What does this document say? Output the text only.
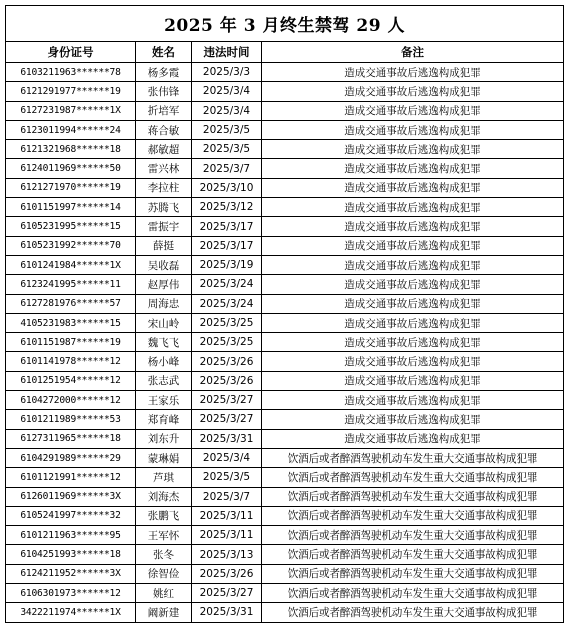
2025 年 3 月终生禁驾 29 人			
身份证号	姓名	违法时间	备注
6103211963******78	杨多霞	2025/3/3	造成交通事故后逃逸构成犯罪
6121291977******19	张伟锋	2025/3/4	造成交通事故后逃逸构成犯罪
6127231987******1X	折培军	2025/3/4	造成交通事故后逃逸构成犯罪
6123011994******24	蒋合敏	2025/3/5	造成交通事故后逃逸构成犯罪
6121321968******18	郝敏超	2025/3/5	造成交通事故后逃逸构成犯罪
6124011969******50	雷兴林	2025/3/7	造成交通事故后逃逸构成犯罪
6121271970******19	李拉柱	2025/3/10	造成交通事故后逃逸构成犯罪
6101151997******14	苏腾飞	2025/3/12	造成交通事故后逃逸构成犯罪
6105231995******15	雷振宇	2025/3/17	造成交通事故后逃逸构成犯罪
6105231992******70	薛挺	2025/3/17	造成交通事故后逃逸构成犯罪
6101241984******1X	吴收磊	2025/3/19	造成交通事故后逃逸构成犯罪
6123241995******11	赵厚伟	2025/3/24	造成交通事故后逃逸构成犯罪
6127281976******57	周海忠	2025/3/24	造成交通事故后逃逸构成犯罪
4105231983******15	宋山岭	2025/3/25	造成交通事故后逃逸构成犯罪
6101151987******19	魏飞飞	2025/3/25	造成交通事故后逃逸构成犯罪
6101141978******12	杨小峰	2025/3/26	造成交通事故后逃逸构成犯罪
6101251954******12	张志武	2025/3/26	造成交通事故后逃逸构成犯罪
6104272000******12	王家乐	2025/3/27	造成交通事故后逃逸构成犯罪
6101211989******53	郑育峰	2025/3/27	造成交通事故后逃逸构成犯罪
6127311965******18	刘东升	2025/3/31	造成交通事故后逃逸构成犯罪
6104291989******29	蒙琳娟	2025/3/4	饮酒后或者醉酒驾驶机动车发生重大交通事故构成犯罪
6101121991******12	芦琪	2025/3/5	饮酒后或者醉酒驾驶机动车发生重大交通事故构成犯罪
6126011969******3X	刘海杰	2025/3/7	饮酒后或者醉酒驾驶机动车发生重大交通事故构成犯罪
6105241997******32	张鹏飞	2025/3/11	饮酒后或者醉酒驾驶机动车发生重大交通事故构成犯罪
6101211963******95	王军怀	2025/3/11	饮酒后或者醉酒驾驶机动车发生重大交通事故构成犯罪
6104251993******18	张冬	2025/3/13	饮酒后或者醉酒驾驶机动车发生重大交通事故构成犯罪
6124211952******3X	徐智俭	2025/3/26	饮酒后或者醉酒驾驶机动车发生重大交通事故构成犯罪
6106301973******12	姚红	2025/3/27	饮酒后或者醉酒驾驶机动车发生重大交通事故构成犯罪
3422211974******1X	阚新建	2025/3/31	饮酒后或者醉酒驾驶机动车发生重大交通事故构成犯罪
